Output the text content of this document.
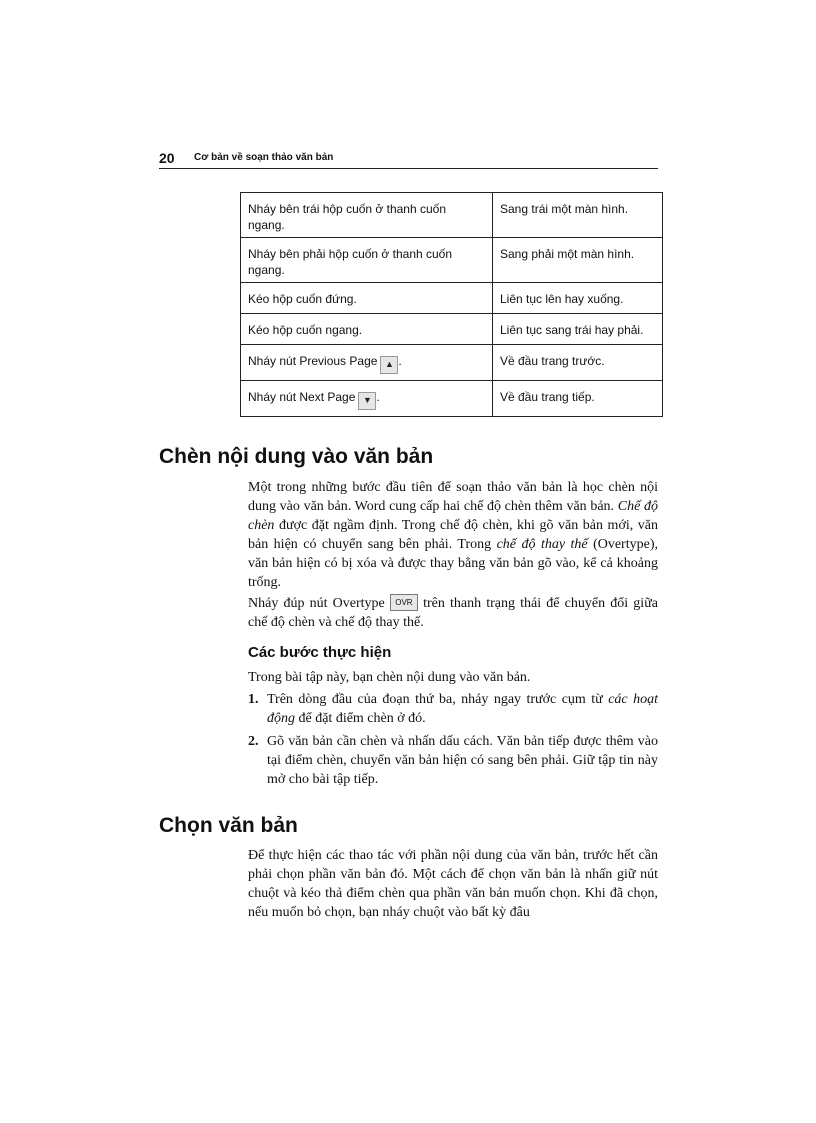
20 Cơ bản về soạn thảo văn bản
Nháy bên trái hộp cuốn ở thanh cuốn ngang.	Sang trái một màn hình.
Nháy bên phải hộp cuốn ở thanh cuốn ngang.	Sang phải một màn hình.
Kéo hộp cuốn đứng.	Liên tục lên hay xuống.
Kéo hộp cuốn ngang.	Liên tục sang trái hay phải.
Nháy nút Previous Page ▲ .	Về đầu trang trước.
Nháy nút Next Page ▼ .	Về đầu trang tiếp.
Chèn nội dung vào văn bản

Một trong những bước đầu tiên để soạn thảo văn bản là học chèn nội dung vào văn bản. Word cung cấp hai chế độ chèn thêm văn bản. Chế độ chèn được đặt ngầm định. Trong chế độ chèn, khi gõ văn bản mới, văn bản hiện có chuyển sang bên phải. Trong chế độ thay thế (Overtype), văn bản hiện có bị xóa và được thay bằng văn bản gõ vào, kể cả khoảng trống.

Nháy đúp nút Overtype OVR trên thanh trạng thái để chuyển đổi giữa chế độ chèn và chế độ thay thế.

Các bước thực hiện

Trong bài tập này, bạn chèn nội dung vào văn bản.

1. Trên dòng đầu của đoạn thứ ba, nháy ngay trước cụm từ các hoạt động để đặt điểm chèn ở đó.
2. Gõ văn bản cần chèn và nhấn dấu cách. Văn bản tiếp được thêm vào tại điểm chèn, chuyển văn bản hiện có sang bên phải. Giữ tập tin này mở cho bài tập tiếp.
Chọn văn bản

Để thực hiện các thao tác với phần nội dung của văn bản, trước hết cần phải chọn phần văn bản đó. Một cách để chọn văn bản là nhấn giữ nút chuột và kéo thả điểm chèn qua phần văn bản muốn chọn. Khi đã chọn, nếu muốn bỏ chọn, bạn nháy chuột vào bất kỳ đâu
